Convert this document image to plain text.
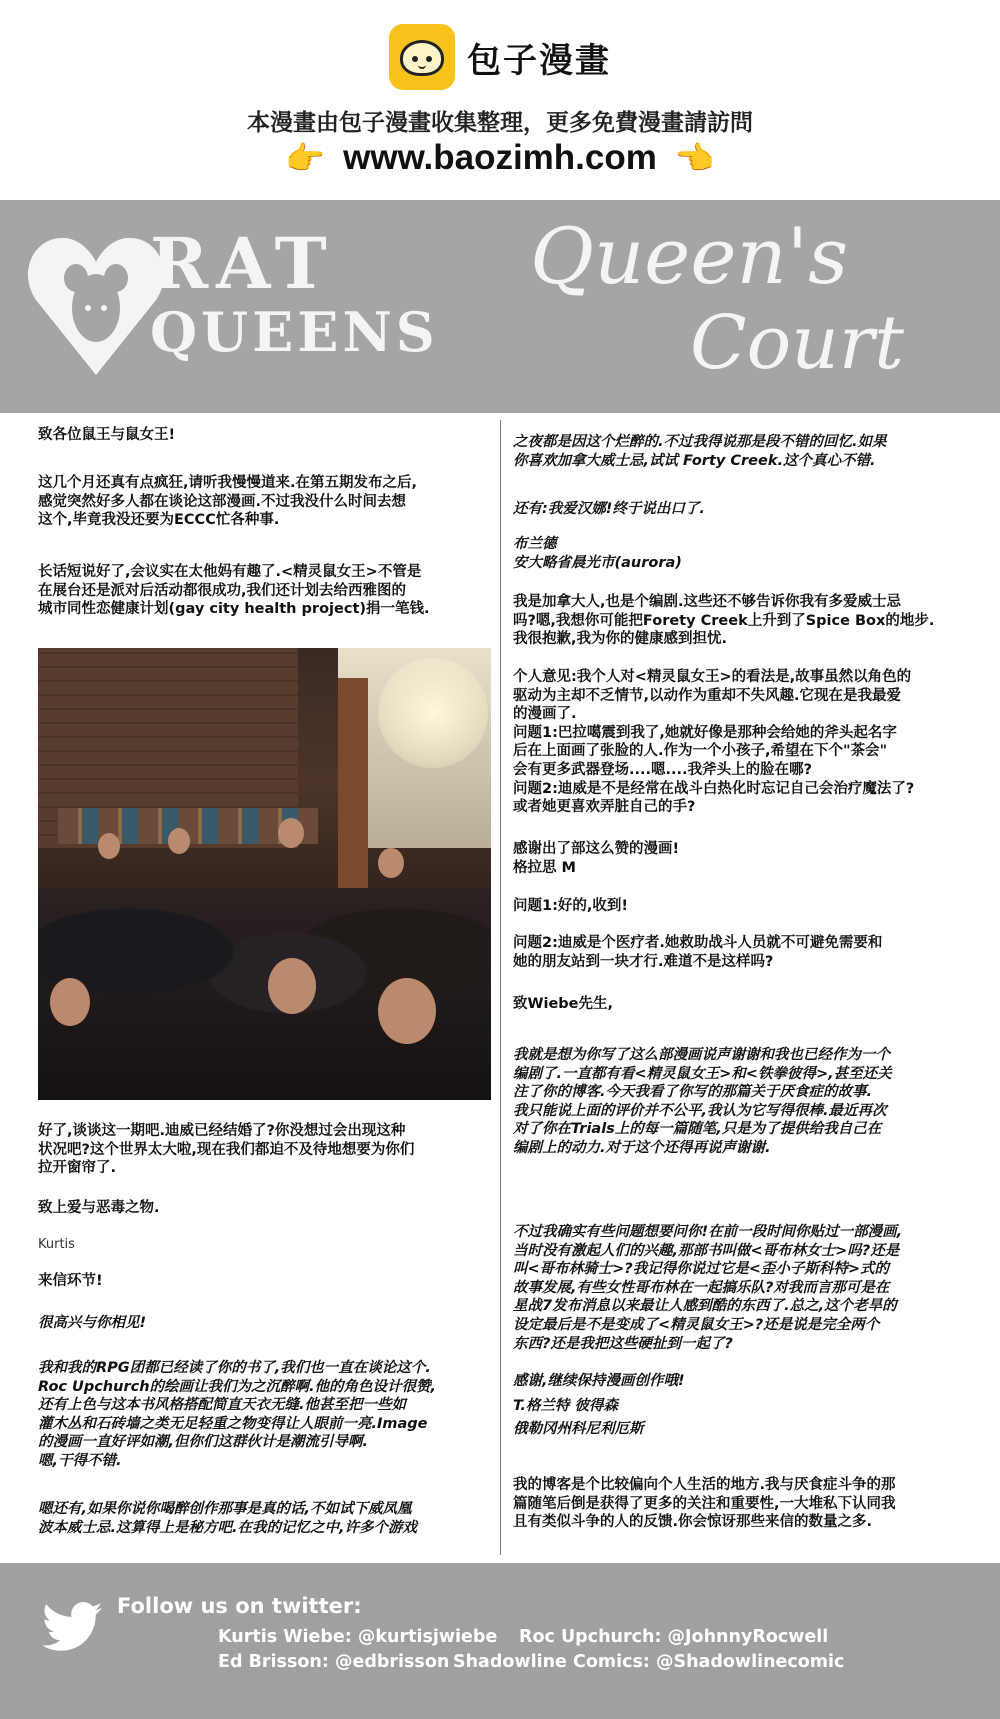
包子漫畫
本漫畫由包子漫畫收集整理，更多免費漫畫請訪問
👉 www.baozimh.com 👈
RAT
QUEENS
Queen's
Court

致各位鼠王与鼠女王!

这几个月还真有点疯狂,请听我慢慢道来.在第五期发布之后,
感觉突然好多人都在谈论这部漫画.不过我没什么时间去想
这个,毕竟我没还要为ECCC忙各种事.

长话短说好了,会议实在太他妈有趣了.<精灵鼠女王>不管是
在展台还是派对后活动都很成功,我们还计划去给西雅图的
城市同性恋健康计划(gay city health project)捐一笔钱.

好了,谈谈这一期吧.迪威已经结婚了?你没想过会出现这种
状况吧?这个世界太大啦,现在我们都迫不及待地想要为你们
拉开窗帘了.

致上爱与恶毒之物.

Kurtis

来信环节!

很高兴与你相见!

我和我的RPG团都已经读了你的书了,我们也一直在谈论这个.
Roc Upchurch的绘画让我们为之沉醉啊.他的角色设计很赞,
还有上色与这本书风格搭配简直天衣无缝.他甚至把一些如
灌木丛和石砖墙之类无足轻重之物变得让人眼前一亮.Image
的漫画一直好评如潮,但你们这群伙计是潮流引导啊.
嗯,干得不错.

嗯还有,如果你说你喝醉创作那事是真的话,不如试下威凤凰
波本威士忌.这算得上是秘方吧.在我的记忆之中,许多个游戏

之夜都是因这个烂醉的.不过我得说那是段不错的回忆.如果
你喜欢加拿大威士忌,试试 Forty Creek.这个真心不错.

还有:我爱汉娜!终于说出口了.

布兰德

安大略省晨光市(aurora)

我是加拿大人,也是个编剧.这些还不够告诉你我有多爱威士忌
吗?嗯,我想你可能把Forety Creek上升到了Spice Box的地步.
我很抱歉,我为你的健康感到担忧.

个人意见:我个人对<精灵鼠女王>的看法是,故事虽然以角色的
驱动为主却不乏情节,以动作为重却不失风趣.它现在是我最爱
的漫画了.
问题1:巴拉噶震到我了,她就好像是那种会给她的斧头起名字
后在上面画了张脸的人.作为一个小孩子,希望在下个"茶会"
会有更多武器登场....嗯....我斧头上的脸在哪?
问题2:迪威是不是经常在战斗白热化时忘记自己会治疗魔法了?
或者她更喜欢弄脏自己的手?

感谢出了部这么赞的漫画!

格拉思 M

问题1:好的,收到!

问题2:迪威是个医疗者.她救助战斗人员就不可避免需要和
她的朋友站到一块才行.难道不是这样吗?

致Wiebe先生,

我就是想为你写了这么部漫画说声谢谢和我也已经作为一个
编剧了.一直都有看<精灵鼠女王>和<铁拳彼得>,甚至还关
注了你的博客.今天我看了你写的那篇关于厌食症的故事.
我只能说上面的评价并不公平,我认为它写得很棒.最近再次
对了你在Trials上的每一篇随笔,只是为了提供给我自己在
编剧上的动力.对于这个还得再说声谢谢.

不过我确实有些问题想要问你!在前一段时间你贴过一部漫画,
当时没有激起人们的兴趣,那部书叫做<哥布林女士>吗?还是
叫<哥布林骑士>?我记得你说过它是<歪小子斯科特>式的
故事发展,有些女性哥布林在一起搞乐队?对我而言那可是在
星战7发布消息以来最让人感到酷的东西了.总之,这个老旱的
设定最后是不是变成了<精灵鼠女王>?还是说是完全两个
东西?还是我把这些硬扯到一起了?

感谢,继续保持漫画创作哦!

T.格兰特 彼得森

俄勒冈州科尼利厄斯

我的博客是个比较偏向个人生活的地方.我与厌食症斗争的那
篇随笔后倒是获得了更多的关注和重要性,一大堆私下认同我
且有类似斗争的人的反馈.你会惊讶那些来信的数量之多.

Follow us on twitter:
Kurtis Wiebe: @kurtisjwiebe Roc Upchurch: @JohnnyRocwell
Ed Brisson: @edbrisson Shadowline Comics: @Shadowlinecomic
